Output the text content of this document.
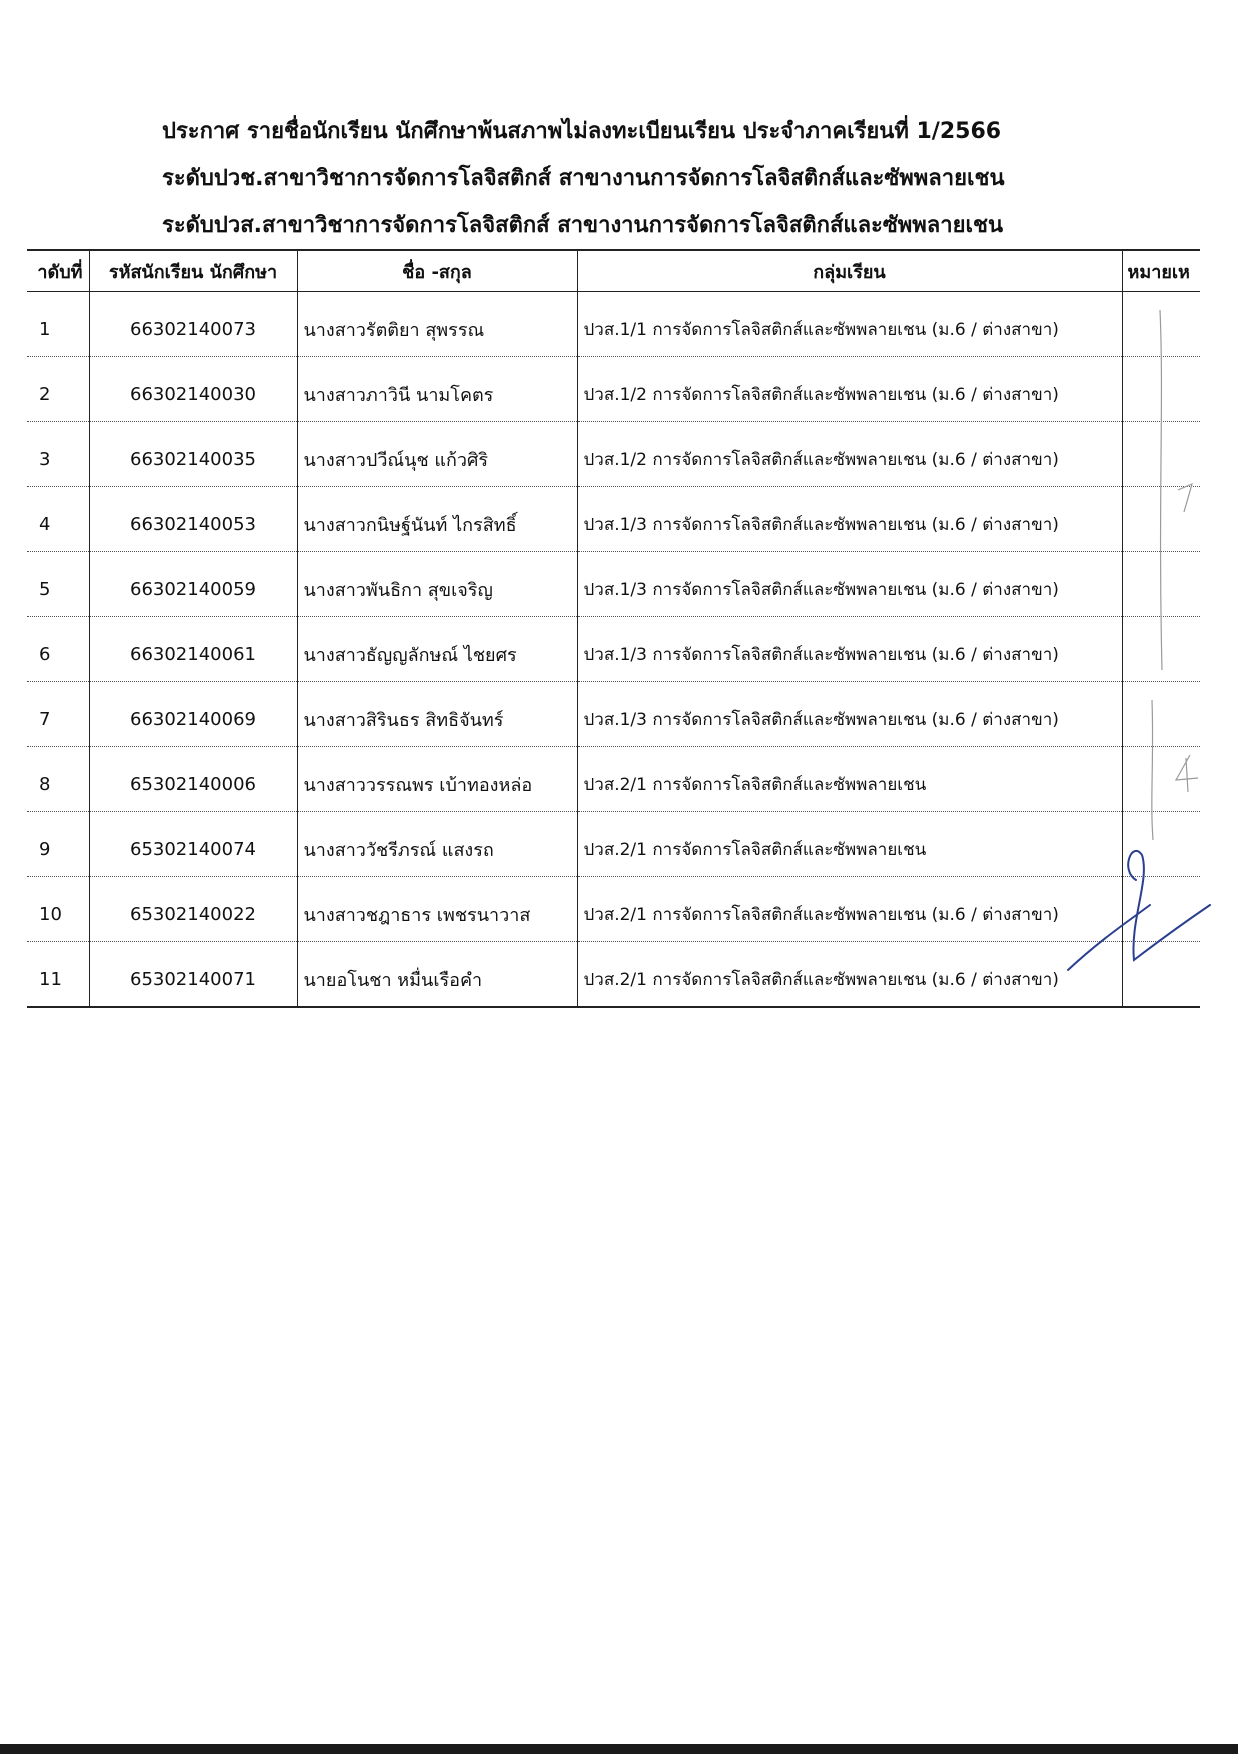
ประกาศ รายชื่อนักเรียน นักศึกษาพ้นสภาพไม่ลงทะเบียนเรียน ประจำภาคเรียนที่ 1/2566
ระดับปวช.สาขาวิชาการจัดการโลจิสติกส์ สาขางานการจัดการโลจิสติกส์และซัพพลายเชน
ระดับปวส.สาขาวิชาการจัดการโลจิสติกส์ สาขางานการจัดการโลจิสติกส์และซัพพลายเชน
าดับที่	รหัสนักเรียน นักศึกษา	ชื่อ -สกุล	กลุ่มเรียน	หมายเห
1	66302140073	นางสาวรัตติยา สุพรรณ	ปวส.1/1 การจัดการโลจิสติกส์และซัพพลายเชน (ม.6 / ต่างสาขา)	
2	66302140030	นางสาวภาวินี นามโคตร	ปวส.1/2 การจัดการโลจิสติกส์และซัพพลายเชน (ม.6 / ต่างสาขา)	
3	66302140035	นางสาวปวีณ์นุช แก้วศิริ	ปวส.1/2 การจัดการโลจิสติกส์และซัพพลายเชน (ม.6 / ต่างสาขา)	
4	66302140053	นางสาวกนิษฐ์นันท์ ไกรสิทธิ์	ปวส.1/3 การจัดการโลจิสติกส์และซัพพลายเชน (ม.6 / ต่างสาขา)	
5	66302140059	นางสาวพันธิกา สุขเจริญ	ปวส.1/3 การจัดการโลจิสติกส์และซัพพลายเชน (ม.6 / ต่างสาขา)	
6	66302140061	นางสาวธัญญลักษณ์ ไชยศร	ปวส.1/3 การจัดการโลจิสติกส์และซัพพลายเชน (ม.6 / ต่างสาขา)	
7	66302140069	นางสาวสิรินธร สิทธิจันทร์	ปวส.1/3 การจัดการโลจิสติกส์และซัพพลายเชน (ม.6 / ต่างสาขา)	
8	65302140006	นางสาววรรณพร เบ้าทองหล่อ	ปวส.2/1 การจัดการโลจิสติกส์และซัพพลายเชน	
9	65302140074	นางสาววัชรีภรณ์ แสงรถ	ปวส.2/1 การจัดการโลจิสติกส์และซัพพลายเชน	
10	65302140022	นางสาวชฎาธาร เพชรนาวาส	ปวส.2/1 การจัดการโลจิสติกส์และซัพพลายเชน (ม.6 / ต่างสาขา)	
11	65302140071	นายอโนชา หมื่นเรือคำ	ปวส.2/1 การจัดการโลจิสติกส์และซัพพลายเชน (ม.6 / ต่างสาขา)	
